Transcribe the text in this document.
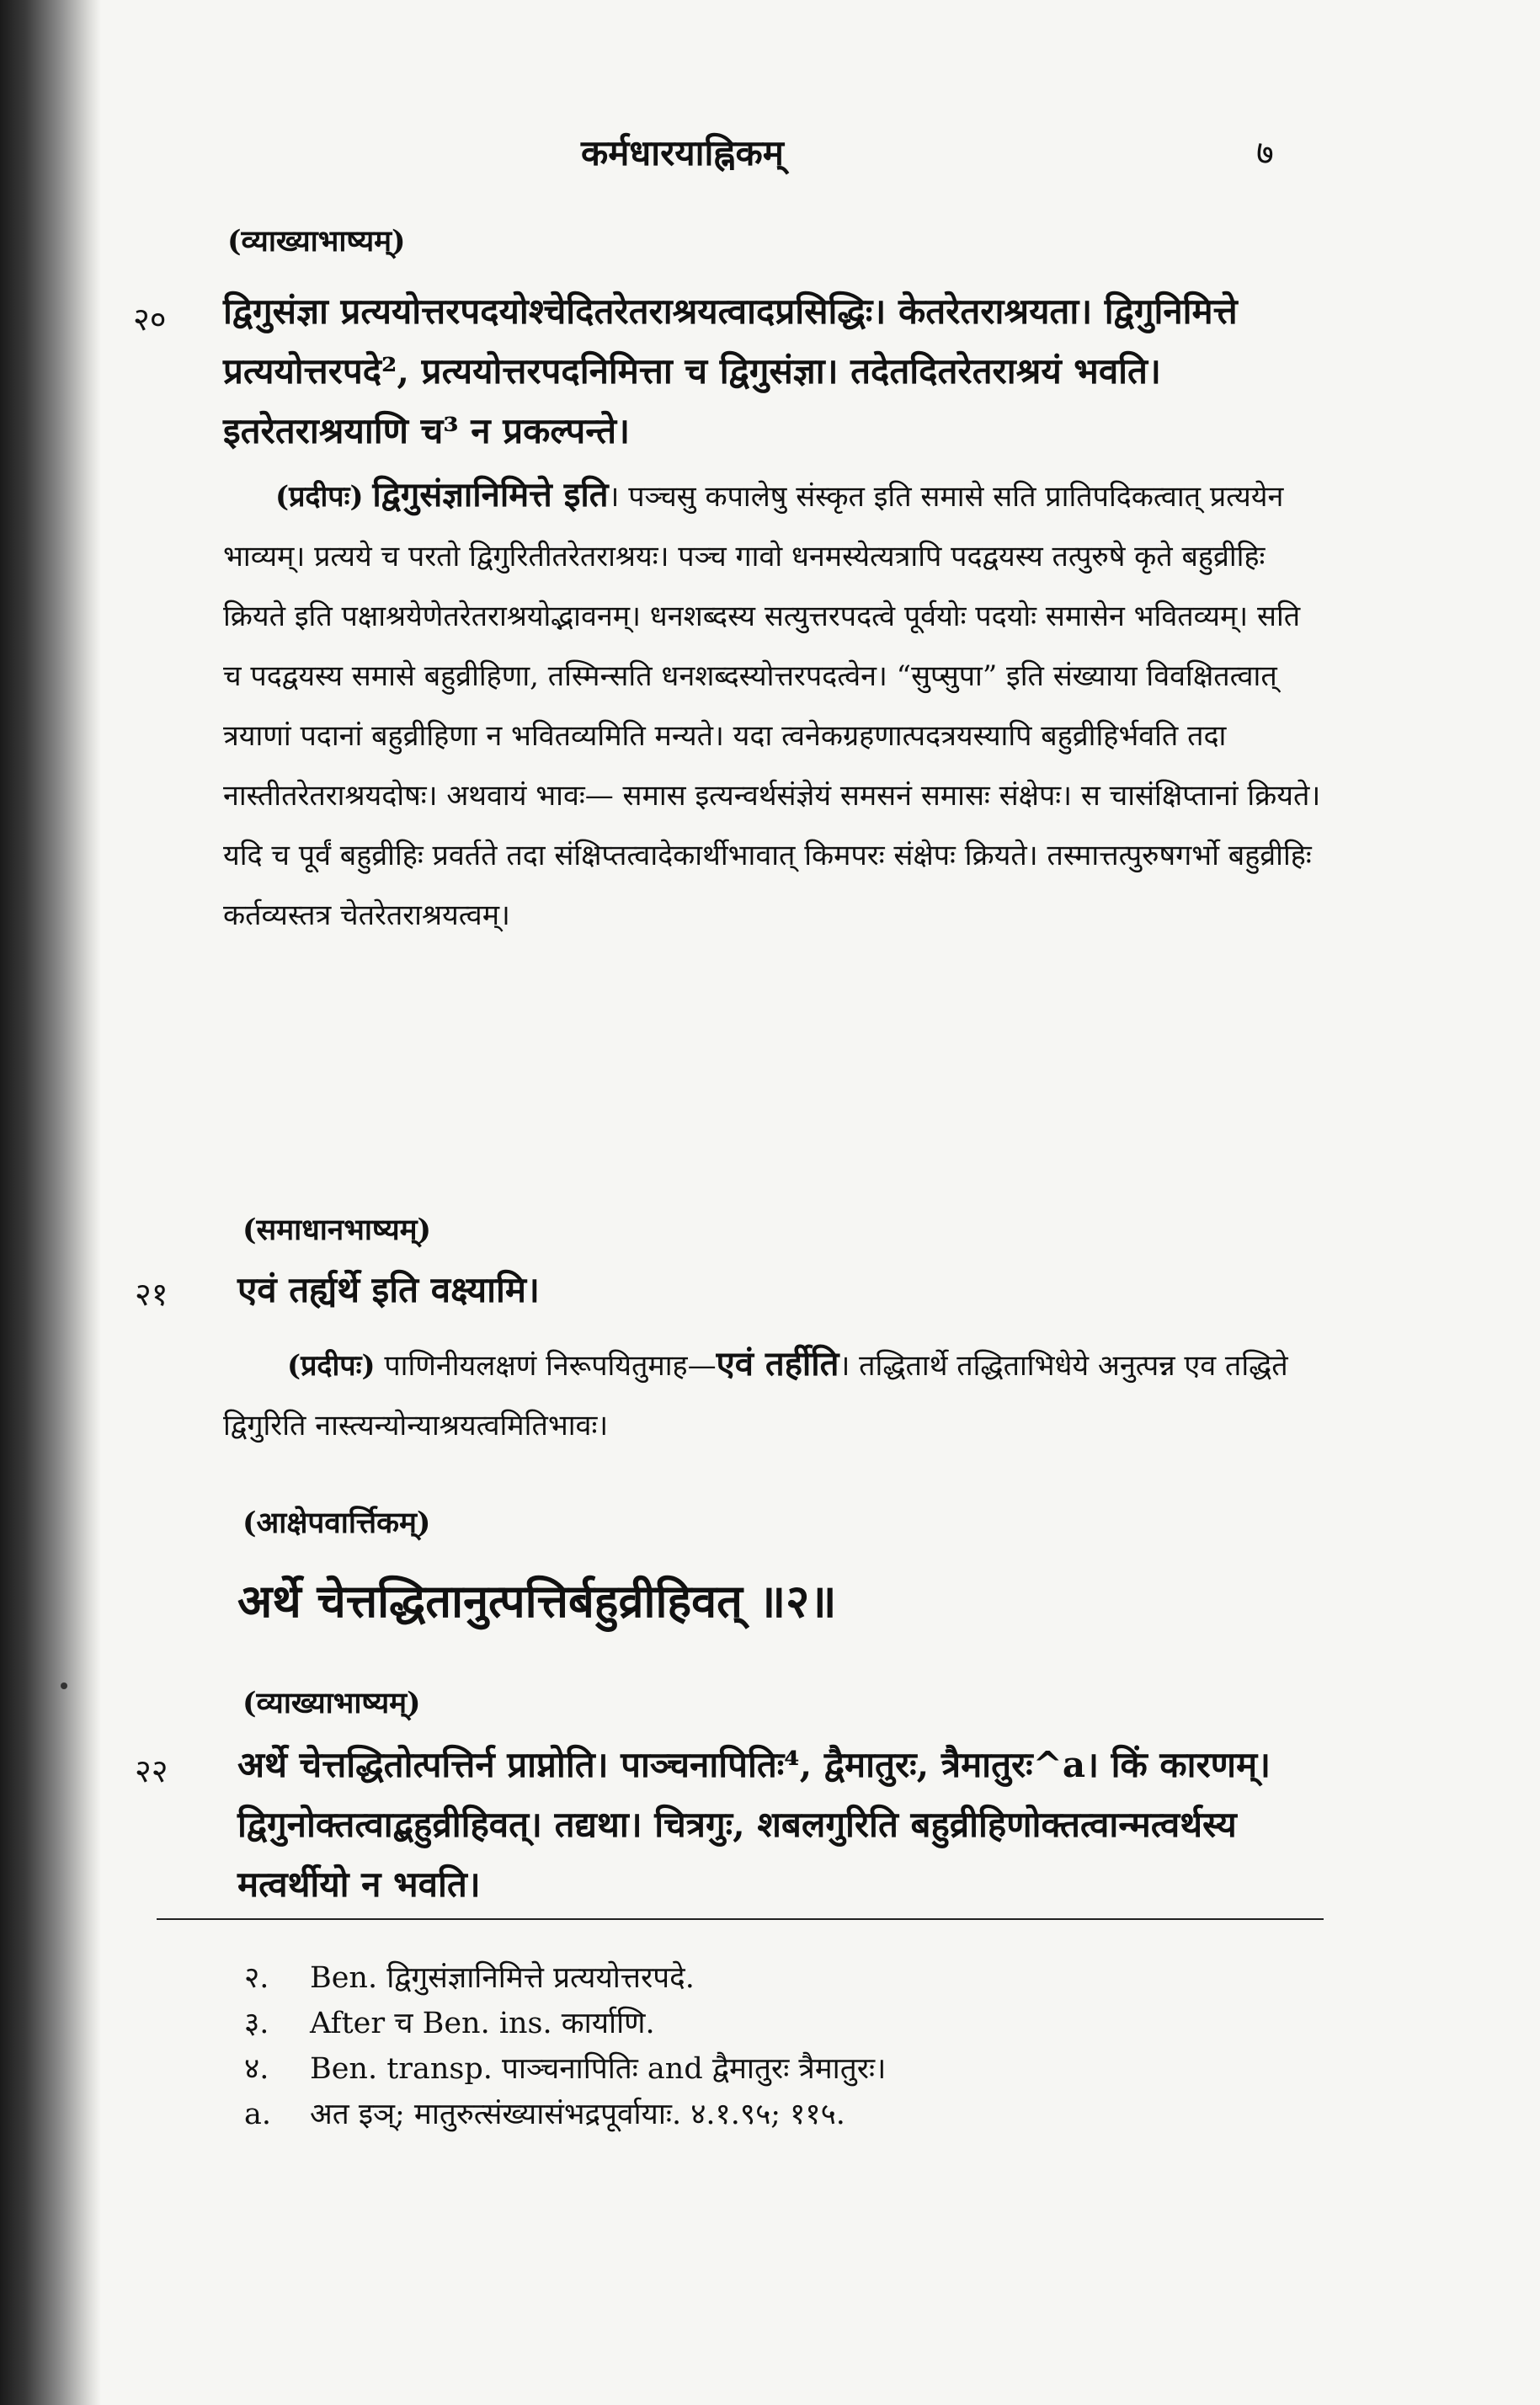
कर्मधारयाह्निकम्	७
(व्याख्याभाष्यम्)
२० द्विगुसंज्ञा प्रत्ययोत्तरपदयोश्चेदितरेतराश्रयत्वादप्रसिद्धिः। केतरेतराश्रयता। द्विगुनिमित्ते प्रत्ययोत्तरपदे², प्रत्ययोत्तरपदनिमित्ता च द्विगुसंज्ञा। तदेतदितरेतराश्रयं भवति। इतरेतराश्रयाणि च³ न प्रकल्पन्ते।
(प्रदीपः) द्विगुसंज्ञानिमित्ते इति। पञ्चसु कपालेषु संस्कृत इति समासे सति प्रातिपदिकत्वात् प्रत्ययेन भाव्यम्। प्रत्यये च परतो द्विगुरितीतरेतराश्रयः। पञ्च गावो धनमस्येत्यत्रापि पदद्वयस्य तत्पुरुषे कृते बहुव्रीहिः क्रियते इति पक्षाश्रयेणेतरेतराश्रयोद्भावनम्। धनशब्दस्य सत्युत्तरपदत्वे पूर्वयोः पदयोः समासेन भवितव्यम्। सति च पदद्वयस्य समासे बहुव्रीहिणा, तस्मिन्सति धनशब्दस्योत्तरपदत्वेन। “सुप्सुपा” इति संख्याया विवक्षितत्वात् त्रयाणां पदानां बहुव्रीहिणा न भवितव्यमिति मन्यते। यदा त्वनेकग्रहणात्पदत्रयस्यापि बहुव्रीहिर्भवति तदा नास्तीतरेतराश्रयदोषः। अथवायं भावः— समास इत्यन्वर्थसंज्ञेयं समसनं समासः संक्षेपः। स चासंक्षिप्तानां क्रियते। यदि च पूर्वं बहुव्रीहिः प्रवर्तते तदा संक्षिप्तत्वादेकार्थीभावात् किमपरः संक्षेपः क्रियते। तस्मात्तत्पुरुषगर्भो बहुव्रीहिः कर्तव्यस्तत्र चेतरेतराश्रयत्वम्।
(समाधानभाष्यम्)
२१ एवं तर्ह्यर्थे इति वक्ष्यामि।
(प्रदीपः) पाणिनीयलक्षणं निरूपयितुमाह—एवं तर्हीति। तद्धितार्थे तद्धिताभिधेये अनुत्पन्न एव तद्धिते द्विगुरिति नास्त्यन्योन्याश्रयत्वमितिभावः।
(आक्षेपवार्त्तिकम्)
अर्थे चेत्तद्धितानुत्पत्तिर्बहुव्रीहिवत् ॥२॥
(व्याख्याभाष्यम्)
२२ अर्थे चेत्तद्धितोत्पत्तिर्न प्राप्नोति। पाञ्चनापितिः⁴, द्वैमातुरः, त्रैमातुरः^a। किं कारणम्। द्विगुनोक्तत्वाद्बहुव्रीहिवत्। तद्यथा। चित्रगुः, शबलगुरिति बहुव्रीहिणोक्तत्वान्मत्वर्थस्य मत्वर्थीयो न भवति।
२. Ben. द्विगुसंज्ञानिमित्ते प्रत्ययोत्तरपदे.
३. After च Ben. ins. कार्याणि.
४. Ben. transp. पाञ्चनापितिः and द्वैमातुरः त्रैमातुरः।
a. अत इञ्; मातुरुत्संख्यासंभद्रपूर्वायाः. ४.१.९५; ११५.
